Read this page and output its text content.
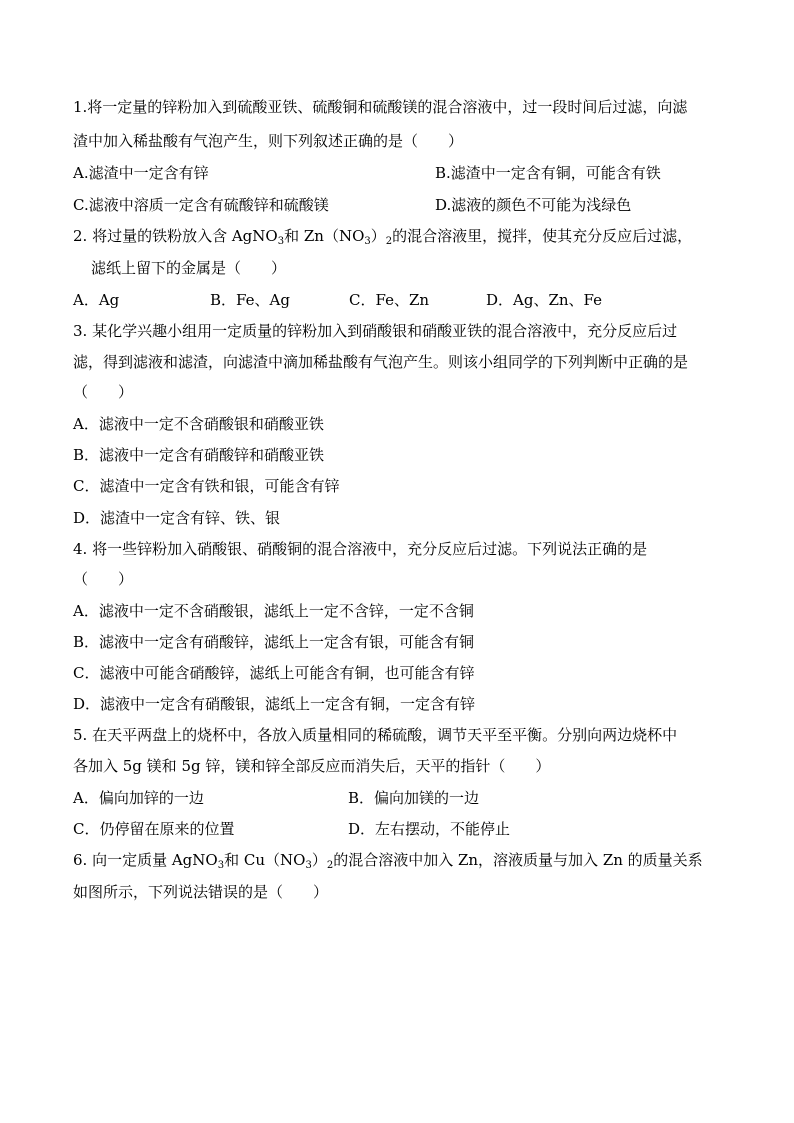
1.将一定量的锌粉加入到硫酸亚铁、硫酸铜和硫酸镁的混合溶液中，过一段时间后过滤，向滤
渣中加入稀盐酸有气泡产生，则下列叙述正确的是（　　）
A.滤渣中一定含有锌	B.滤渣中一定含有铜，可能含有铁
C.滤液中溶质一定含有硫酸锌和硫酸镁	D.滤液的颜色不可能为浅绿色
2. 将过量的铁粉放入含 AgNO$_3$和 $Zn(NO_3)_2$的混合溶液里，搅拌，使其充分反应后过滤，
滤纸上留下的金属是（　　）
A．Ag	B．Fe、Ag	C．Fe、Zn	D．Ag、Zn、Fe
3. 某化学兴趣小组用一定质量的锌粉加入到硝酸银和硝酸亚铁的混合溶液中，充分反应后过
滤，得到滤液和滤渣，向滤渣中滴加稀盐酸有气泡产生。则该小组同学的下列判断中正确的是
（　　）
A．滤液中一定不含硝酸银和硝酸亚铁
B．滤液中一定含有硝酸锌和硝酸亚铁
C．滤渣中一定含有铁和银，可能含有锌
D．滤渣中一定含有锌、铁、银
4. 将一些锌粉加入硝酸银、硝酸铜的混合溶液中，充分反应后过滤。下列说法正确的是
（　　）
A．滤液中一定不含硝酸银，滤纸上一定不含锌，一定不含铜
B．滤液中一定含有硝酸锌，滤纸上一定含有银，可能含有铜
C．滤液中可能含硝酸锌，滤纸上可能含有铜，也可能含有锌
D．滤液中一定含有硝酸银，滤纸上一定含有铜，一定含有锌
5. 在天平两盘上的烧杯中，各放入质量相同的稀硫酸，调节天平至平衡。分别向两边烧杯中
各加入 5g 镁和 5g 锌，镁和锌全部反应而消失后，天平的指针（　　）
A．偏向加锌的一边	B．偏向加镁的一边
C．仍停留在原来的位置	D．左右摆动，不能停止
6. 向一定质量 AgNO$_3$和 $Cu(NO_3)_2$的混合溶液中加入 Zn，溶液质量与加入 Zn 的质量关系
如图所示，下列说法错误的是（　　）
